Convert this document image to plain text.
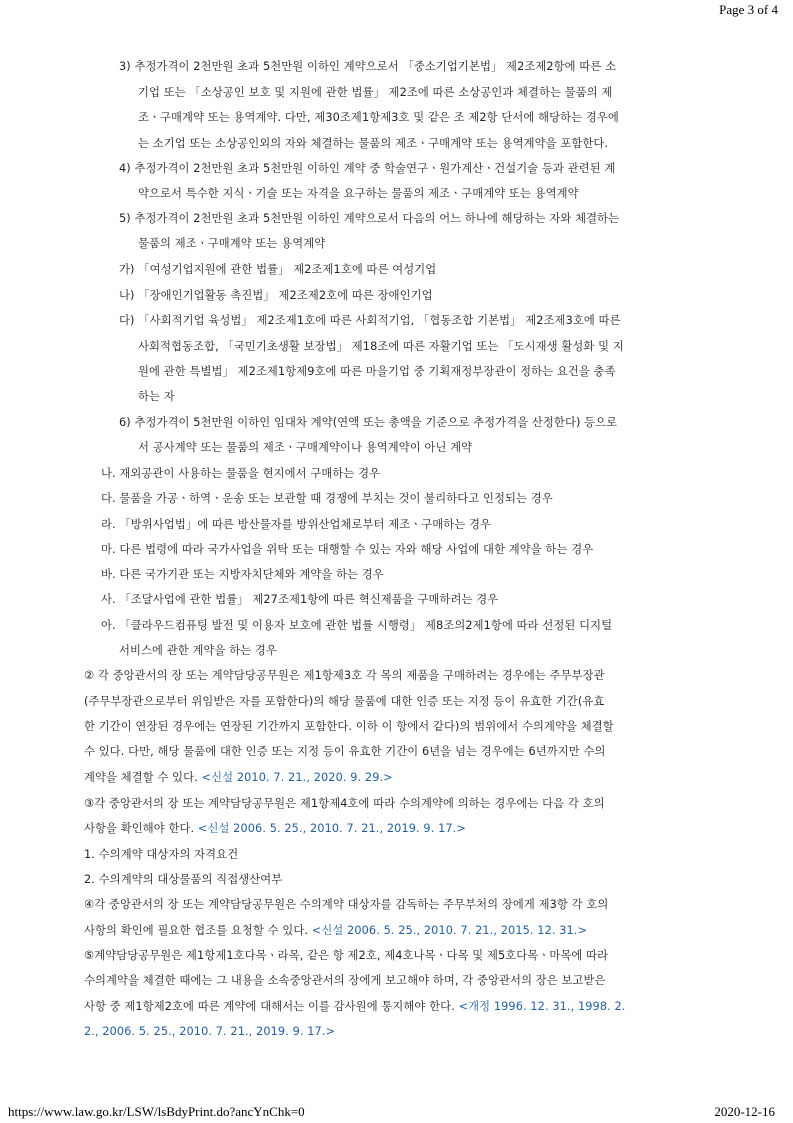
Page 3 of 4
3) 추정가격이 2천만원 초과 5천만원 이하인 계약으로서 「중소기업기본법」 제2조제2항에 따른 소
기업 또는 「소상공인 보호 및 지원에 관한 법률」 제2조에 따른 소상공인과 체결하는 물품의 제
조ㆍ구매계약 또는 용역계약. 다만, 제30조제1항제3호 및 같은 조 제2항 단서에 해당하는 경우에
는 소기업 또는 소상공인외의 자와 체결하는 물품의 제조ㆍ구매계약 또는 용역계약을 포함한다.
4) 추정가격이 2천만원 초과 5천만원 이하인 계약 중 학술연구ㆍ원가계산ㆍ건설기술 등과 관련된 계
약으로서 특수한 지식ㆍ기술 또는 자격을 요구하는 물품의 제조ㆍ구매계약 또는 용역계약
5) 추정가격이 2천만원 초과 5천만원 이하인 계약으로서 다음의 어느 하나에 해당하는 자와 체결하는
물품의 제조ㆍ구매계약 또는 용역계약
가) 「여성기업지원에 관한 법률」 제2조제1호에 따른 여성기업
나) 「장애인기업활동 촉진법」 제2조제2호에 따른 장애인기업
다) 「사회적기업 육성법」 제2조제1호에 따른 사회적기업, 「협동조합 기본법」 제2조제3호에 따른
사회적협동조합, 「국민기초생활 보장법」 제18조에 따른 자활기업 또는 「도시재생 활성화 및 지
원에 관한 특별법」 제2조제1항제9호에 따른 마을기업 중 기획재정부장관이 정하는 요건을 충족
하는 자
6) 추정가격이 5천만원 이하인 임대차 계약(연액 또는 총액을 기준으로 추정가격을 산정한다) 등으로
서 공사계약 또는 물품의 제조ㆍ구매계약이나 용역계약이 아닌 계약
나. 재외공관이 사용하는 물품을 현지에서 구매하는 경우
다. 물품을 가공ㆍ하역ㆍ운송 또는 보관할 때 경쟁에 부치는 것이 불리하다고 인정되는 경우
라. 「방위사업법」에 따른 방산물자를 방위산업체로부터 제조ㆍ구매하는 경우
마. 다른 법령에 따라 국가사업을 위탁 또는 대행할 수 있는 자와 해당 사업에 대한 계약을 하는 경우
바. 다른 국가기관 또는 지방자치단체와 계약을 하는 경우
사. 「조달사업에 관한 법률」 제27조제1항에 따른 혁신제품을 구매하려는 경우
아. 「클라우드컴퓨팅 발전 및 이용자 보호에 관한 법률 시행령」 제8조의2제1항에 따라 선정된 디지털
서비스에 관한 계약을 하는 경우
② 각 중앙관서의 장 또는 계약담당공무원은 제1항제3호 각 목의 제품을 구매하려는 경우에는 주무부장관
(주무부장관으로부터 위임받은 자를 포함한다)의 해당 물품에 대한 인증 또는 지정 등이 유효한 기간(유효
한 기간이 연장된 경우에는 연장된 기간까지 포함한다. 이하 이 항에서 같다)의 범위에서 수의계약을 체결할
수 있다. 다만, 해당 물품에 대한 인증 또는 지정 등이 유효한 기간이 6년을 넘는 경우에는 6년까지만 수의
계약을 체결할 수 있다. <신설 2010. 7. 21., 2020. 9. 29.>
③각 중앙관서의 장 또는 계약담당공무원은 제1항제4호에 따라 수의계약에 의하는 경우에는 다음 각 호의
사항을 확인해야 한다. <신설 2006. 5. 25., 2010. 7. 21., 2019. 9. 17.>
1. 수의계약 대상자의 자격요건
2. 수의계약의 대상물품의 직접생산여부
④각 중앙관서의 장 또는 계약담당공무원은 수의계약 대상자를 감독하는 주무부처의 장에게 제3항 각 호의
사항의 확인에 필요한 협조를 요청할 수 있다. <신설 2006. 5. 25., 2010. 7. 21., 2015. 12. 31.>
⑤계약담당공무원은 제1항제1호다목ㆍ라목, 같은 항 제2호, 제4호나목ㆍ다목 및 제5호다목ㆍ마목에 따라
수의계약을 체결한 때에는 그 내용을 소속중앙관서의 장에게 보고해야 하며, 각 중앙관서의 장은 보고받은
사항 중 제1항제2호에 따른 계약에 대해서는 이를 감사원에 통지해야 한다. <개정 1996. 12. 31., 1998. 2.
2., 2006. 5. 25., 2010. 7. 21., 2019. 9. 17.>
https://www.law.go.kr/LSW/lsBdyPrint.do?ancYnChk=0	2020-12-16
